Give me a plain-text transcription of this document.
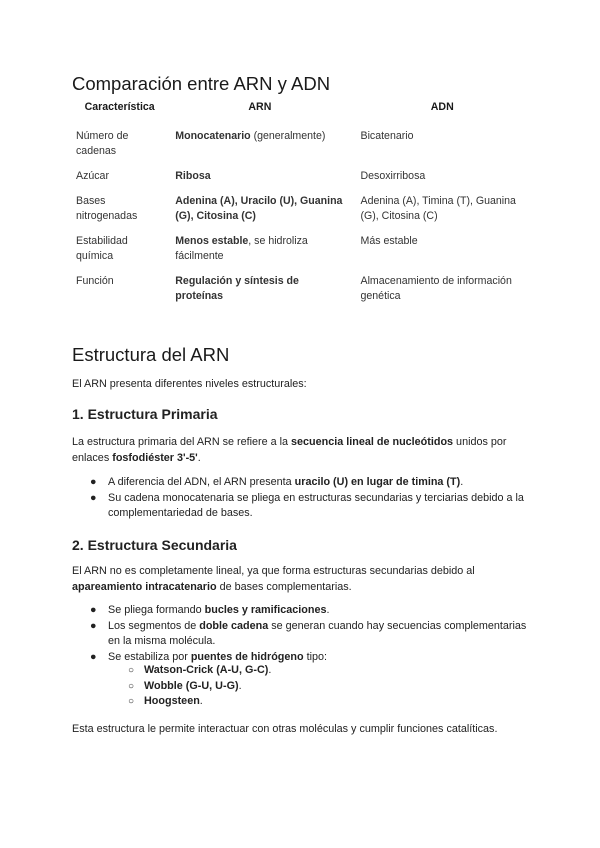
Comparación entre ARN y ADN
Característica	ARN	ADN
Número de cadenas	Monocatenario (generalmente)	Bicatenario
Azúcar	Ribosa	Desoxirribosa
Bases nitrogenadas	Adenina (A), Uracilo (U), Guanina (G), Citosina (C)	Adenina (A), Timina (T), Guanina (G), Citosina (C)
Estabilidad química	Menos estable, se hidroliza fácilmente	Más estable
Función	Regulación y síntesis de proteínas	Almacenamiento de información genética
Estructura del ARN

El ARN presenta diferentes niveles estructurales:

1. Estructura Primaria

La estructura primaria del ARN se refiere a la secuencia lineal de nucleótidos unidos por enlaces fosfodiéster 3'-5'.

● A diferencia del ADN, el ARN presenta uracilo (U) en lugar de timina (T).
● Su cadena monocatenaria se pliega en estructuras secundarias y terciarias debido a la complementariedad de bases.
2. Estructura Secundaria

El ARN no es completamente lineal, ya que forma estructuras secundarias debido al apareamiento intracatenario de bases complementarias.

● Se pliega formando bucles y ramificaciones.
● Los segmentos de doble cadena se generan cuando hay secuencias complementarias en la misma molécula.
● Se estabiliza por puentes de hidrógeno tipo:
○ Watson-Crick (A-U, G-C).
○ Wobble (G-U, U-G).
○ Hoogsteen.

Esta estructura le permite interactuar con otras moléculas y cumplir funciones catalíticas.
